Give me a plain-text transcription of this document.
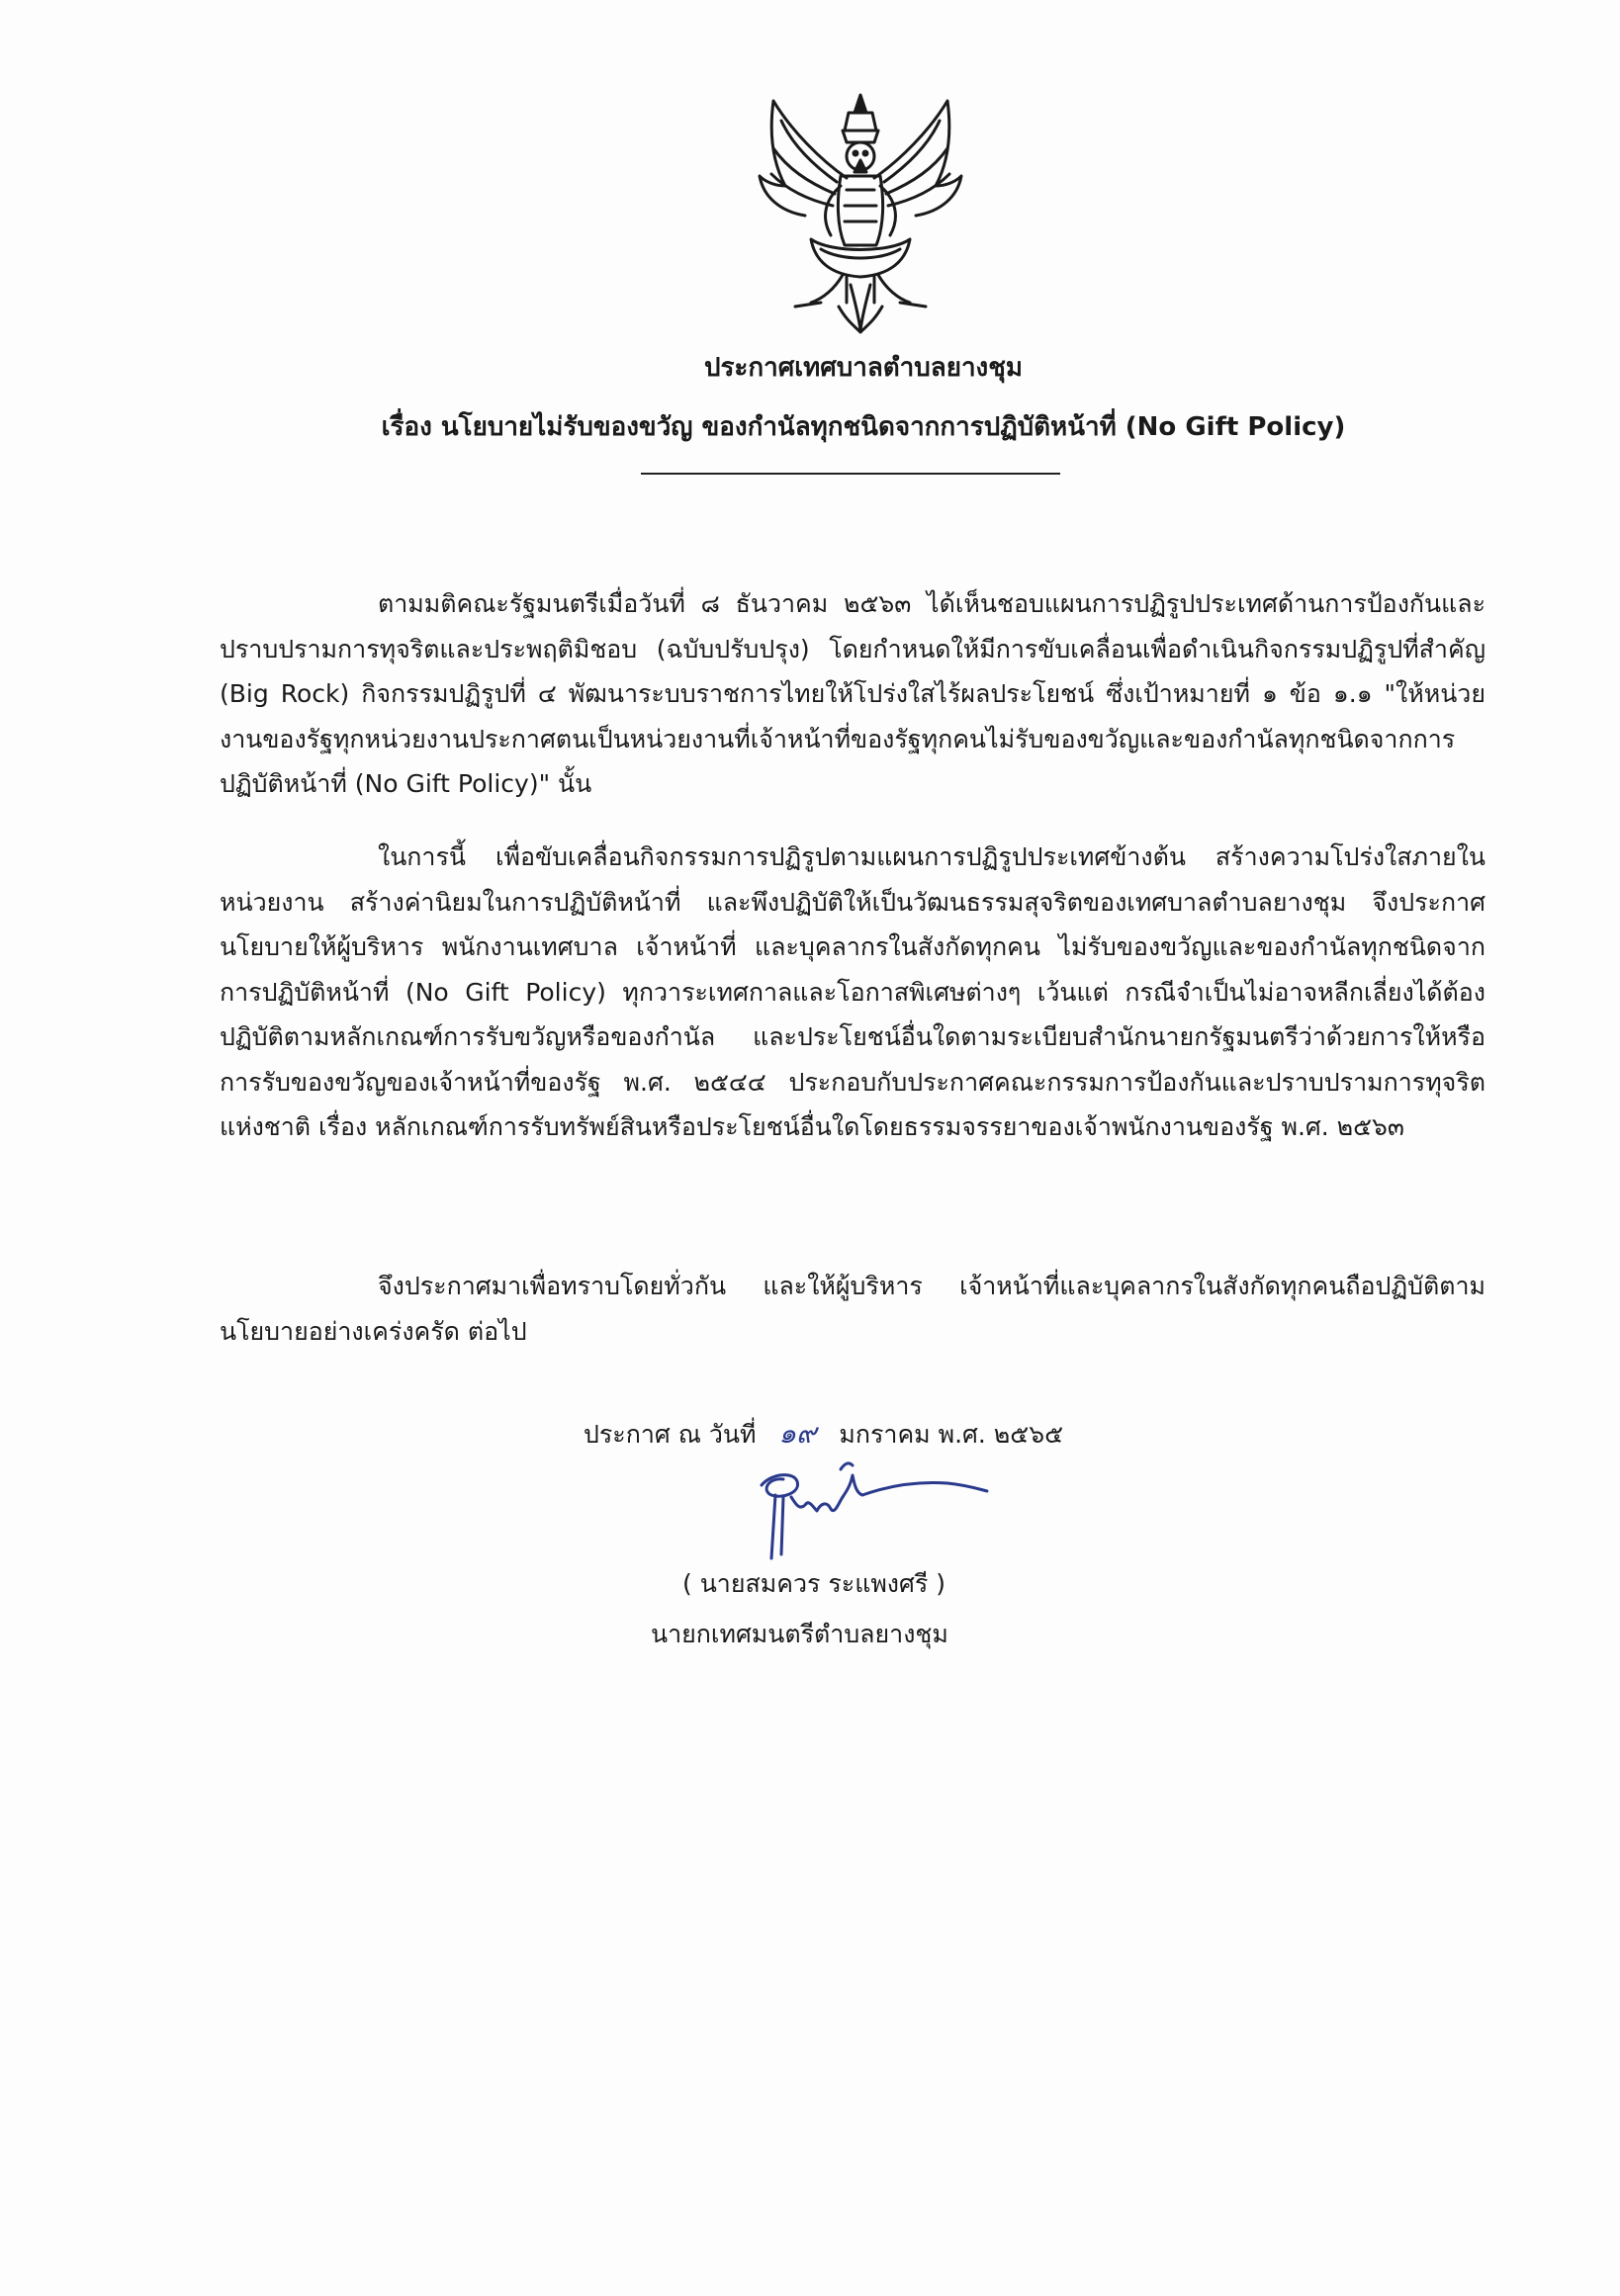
ประกาศเทศบาลตำบลยางชุม
เรื่อง นโยบายไม่รับของขวัญ ของกำนัลทุกชนิดจากการปฏิบัติหน้าที่ (No Gift Policy)
ตามมติคณะรัฐมนตรีเมื่อวันที่ ๘ ธันวาคม ๒๕๖๓ ได้เห็นชอบแผนการปฏิรูปประเทศด้านการป้องกันและปราบปรามการทุจริตและประพฤติมิชอบ (ฉบับปรับปรุง) โดยกำหนดให้มีการขับเคลื่อนเพื่อดำเนินกิจกรรมปฏิรูปที่สำคัญ (Big Rock) กิจกรรมปฏิรูปที่ ๔ พัฒนาระบบราชการไทยให้โปร่งใสไร้ผลประโยชน์ ซึ่งเป้าหมายที่ ๑ ข้อ ๑.๑ "ให้หน่วยงานของรัฐทุกหน่วยงานประกาศตนเป็นหน่วยงานที่เจ้าหน้าที่ของรัฐทุกคนไม่รับของขวัญและของกำนัลทุกชนิดจากการปฏิบัติหน้าที่ (No Gift Policy)" นั้น
ในการนี้ เพื่อขับเคลื่อนกิจกรรมการปฏิรูปตามแผนการปฏิรูปประเทศข้างต้น สร้างความโปร่งใสภายในหน่วยงาน สร้างค่านิยมในการปฏิบัติหน้าที่ และพึงปฏิบัติให้เป็นวัฒนธรรมสุจริตของเทศบาลตำบลยางชุม จึงประกาศนโยบายให้ผู้บริหาร พนักงานเทศบาล เจ้าหน้าที่ และบุคลากรในสังกัดทุกคน ไม่รับของขวัญและของกำนัลทุกชนิดจากการปฏิบัติหน้าที่ (No Gift Policy) ทุกวาระเทศกาลและโอกาสพิเศษต่างๆ เว้นแต่ กรณีจำเป็นไม่อาจหลีกเลี่ยงได้ต้องปฏิบัติตามหลักเกณฑ์การรับขวัญหรือของกำนัล และประโยชน์อื่นใดตามระเบียบสำนักนายกรัฐมนตรีว่าด้วยการให้หรือการรับของขวัญของเจ้าหน้าที่ของรัฐ พ.ศ. ๒๕๔๔ ประกอบกับประกาศคณะกรรมการป้องกันและปราบปรามการทุจริตแห่งชาติ เรื่อง หลักเกณฑ์การรับทรัพย์สินหรือประโยชน์อื่นใดโดยธรรมจรรยาของเจ้าพนักงานของรัฐ พ.ศ. ๒๕๖๓
จึงประกาศมาเพื่อทราบโดยทั่วกัน และให้ผู้บริหาร เจ้าหน้าที่และบุคลากรในสังกัดทุกคนถือปฏิบัติตามนโยบายอย่างเคร่งครัด ต่อไป
ประกาศ ณ วันที่ ๑๙ มกราคม พ.ศ. ๒๕๖๕
( นายสมควร ระแพงศรี )
นายกเทศมนตรีตำบลยางชุม
